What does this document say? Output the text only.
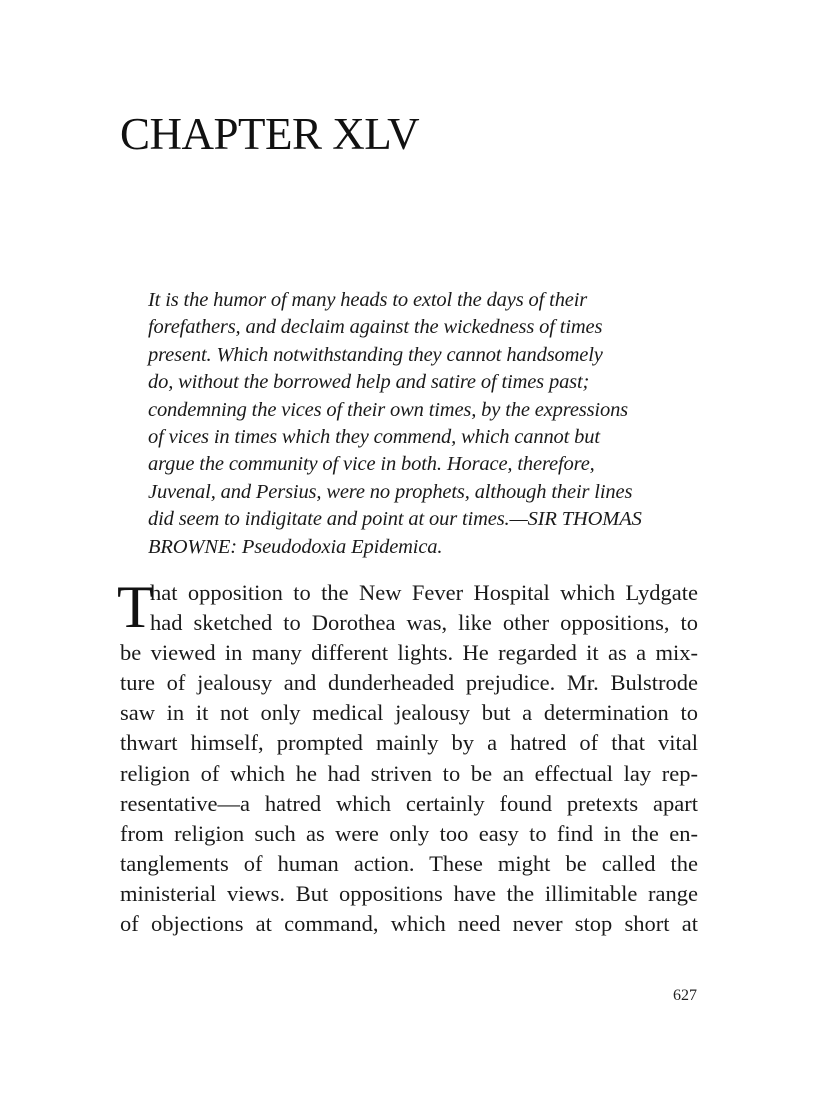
CHAPTER XLV
It is the humor of many heads to extol the days of their
forefathers, and declaim against the wickedness of times
present. Which notwithstanding they cannot handsomely
do, without the borrowed help and satire of times past;
condemning the vices of their own times, by the expressions
of vices in times which they commend, which cannot but
argue the community of vice in both. Horace, therefore,
Juvenal, and Persius, were no prophets, although their lines
did seem to indigitate and point at our times.—SIR THOMAS
BROWNE: Pseudodoxia Epidemica.
T
hat opposition to the New Fever Hospital which Lydgate
had sketched to Dorothea was, like other oppositions, to
be viewed in many different lights. He regarded it as a mix-
ture of jealousy and dunderheaded prejudice. Mr. Bulstrode
saw in it not only medical jealousy but a determination to
thwart himself, prompted mainly by a hatred of that vital
religion of which he had striven to be an effectual lay rep-
resentative—a hatred which certainly found pretexts apart
from religion such as were only too easy to find in the en-
tanglements of human action. These might be called the
ministerial views. But oppositions have the illimitable range
of objections at command, which need never stop short at
627
